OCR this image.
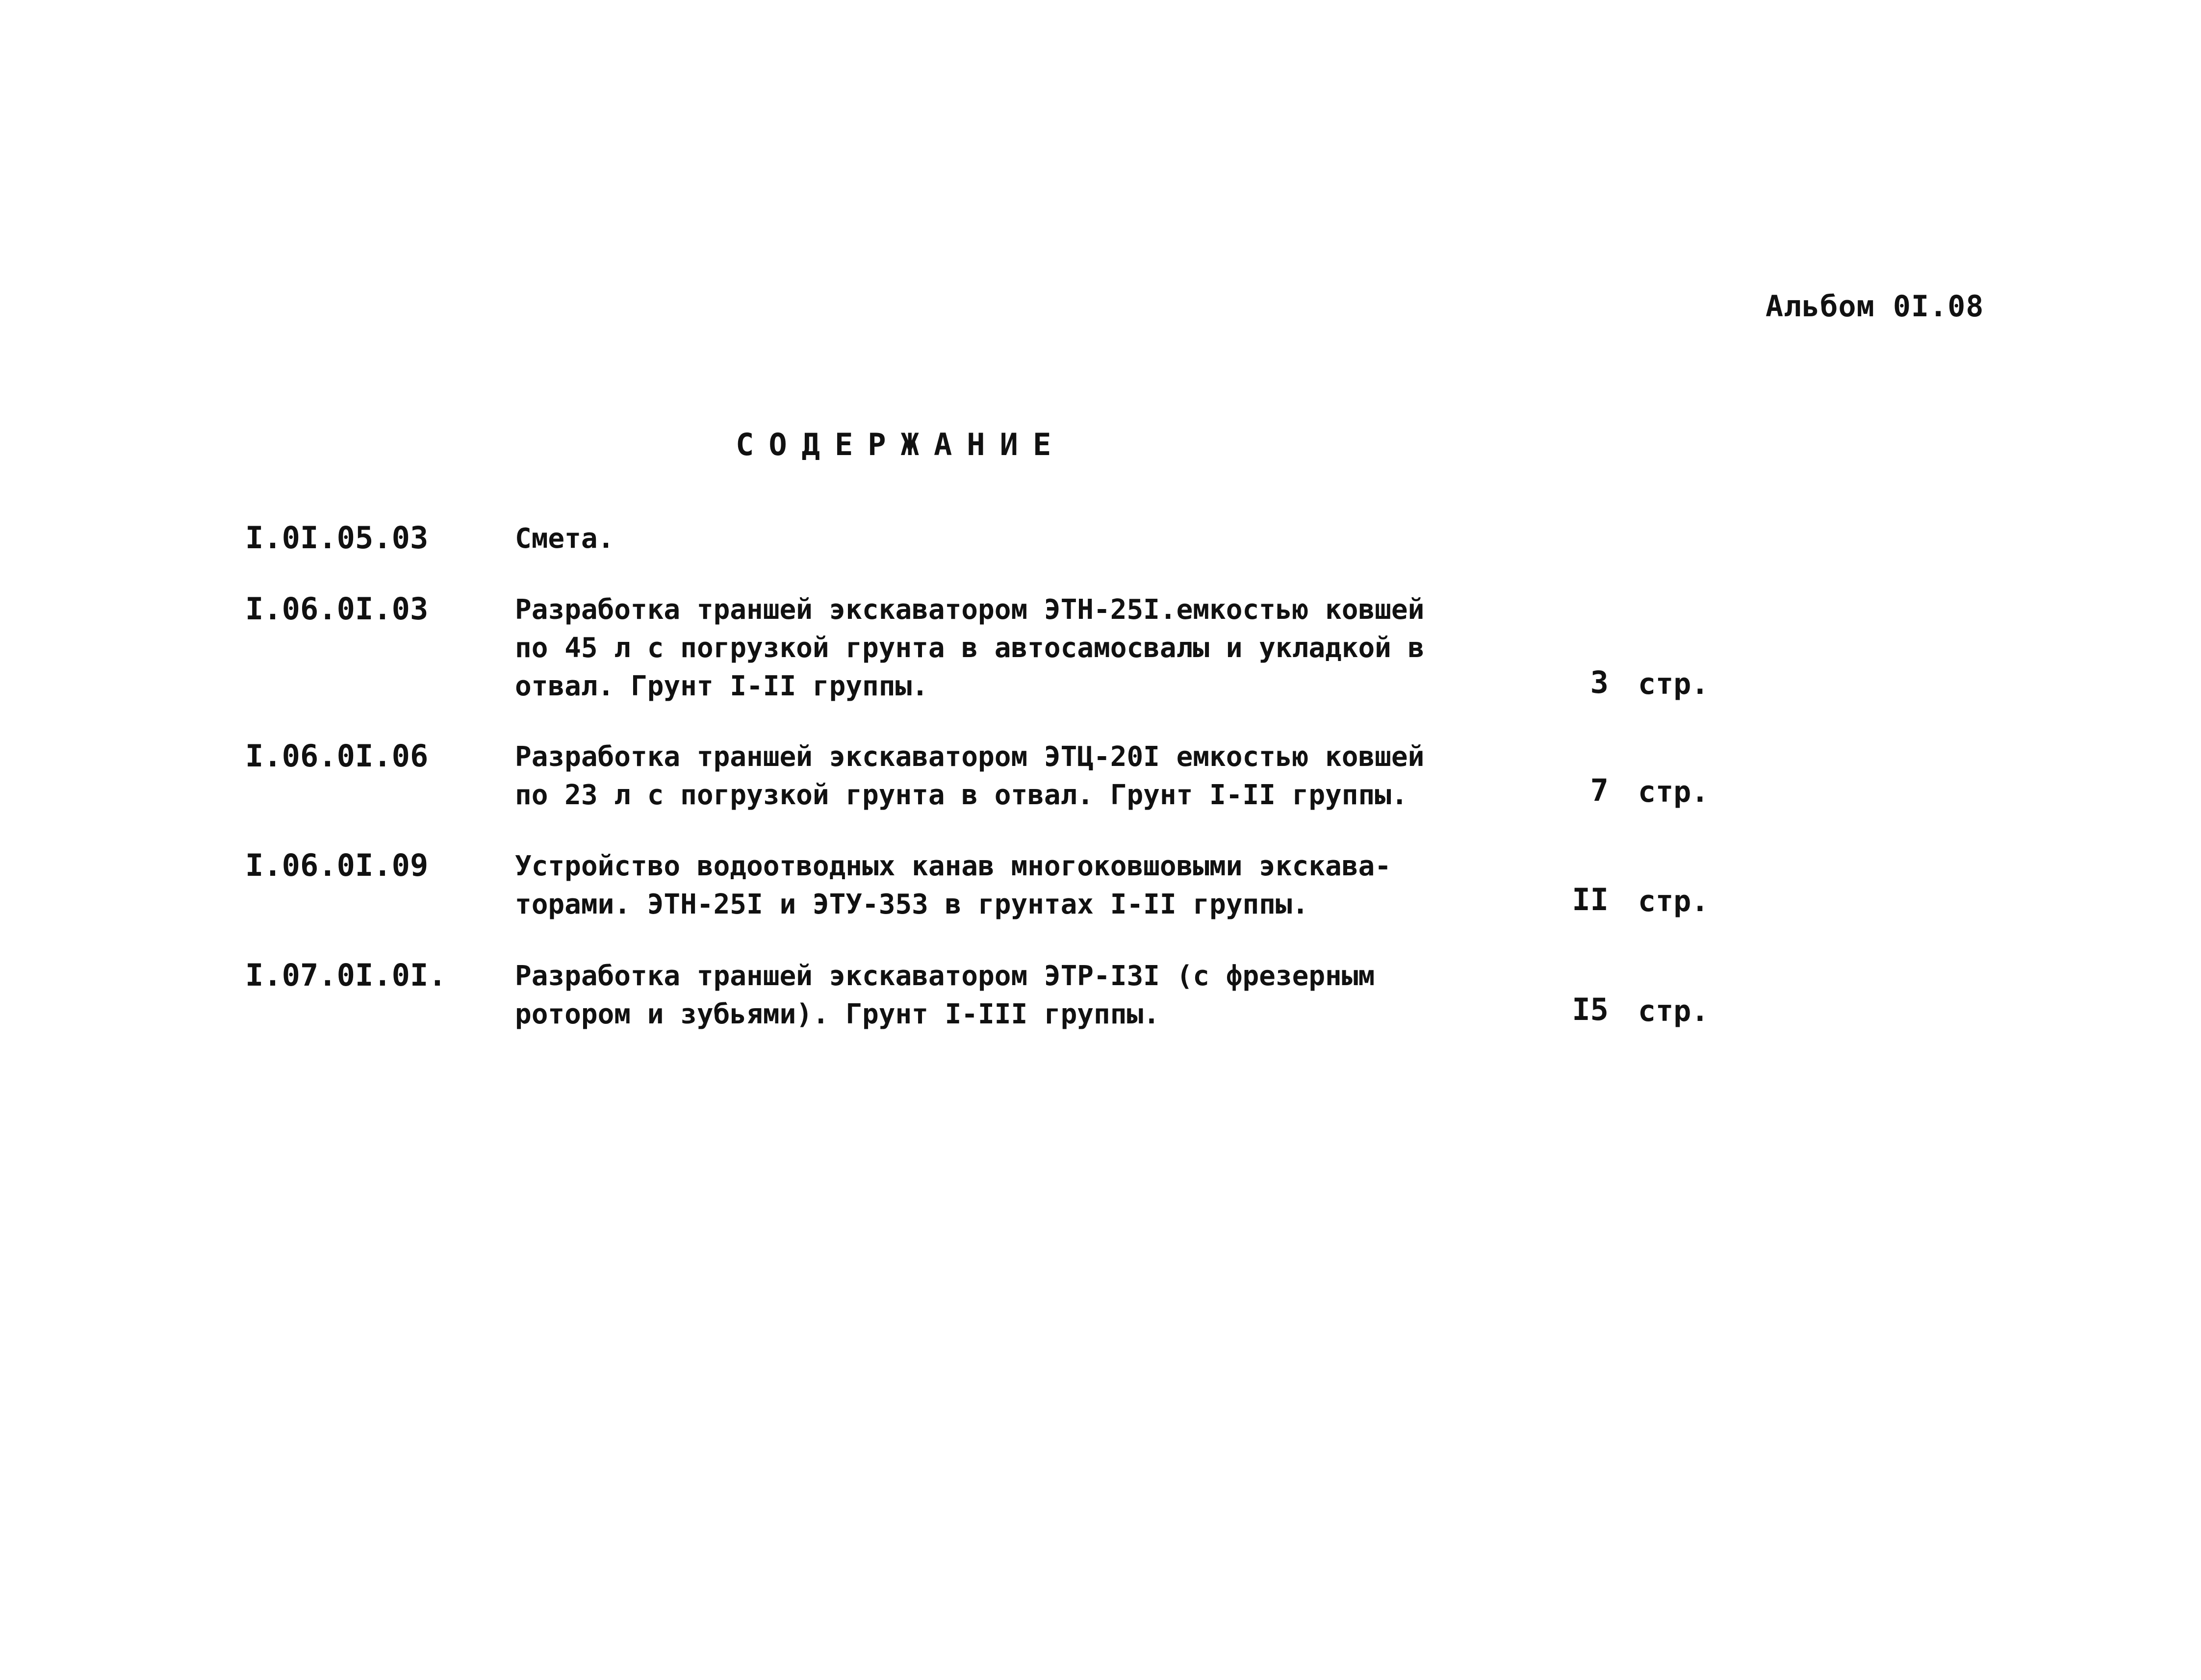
Альбом 0I.08
СОДЕРЖАНИЕ
I.0I.05.03	Смета.
I.06.0I.03	Разработка траншей экскаватором ЭТН-25I.емкостью ковшей
по 45 л с погрузкой грунта в автосамосвалы и укладкой в
отвал. Грунт I-II группы.	3 стр.
I.06.0I.06	Разработка траншей экскаватором ЭТЦ-20I емкостью ковшей
по 23 л с погрузкой грунта в отвал. Грунт I-II группы.	7 стр.
I.06.0I.09	Устройство водоотводных канав многоковшовыми экскава-
торами. ЭТН-25I и ЭТУ-353 в грунтах I-II группы.	II стр.
I.07.0I.0I. Разработка траншей экскаватором ЭТР-I3I (с фрезерным
ротором и зубьями). Грунт I-III группы.	I5 стр.
